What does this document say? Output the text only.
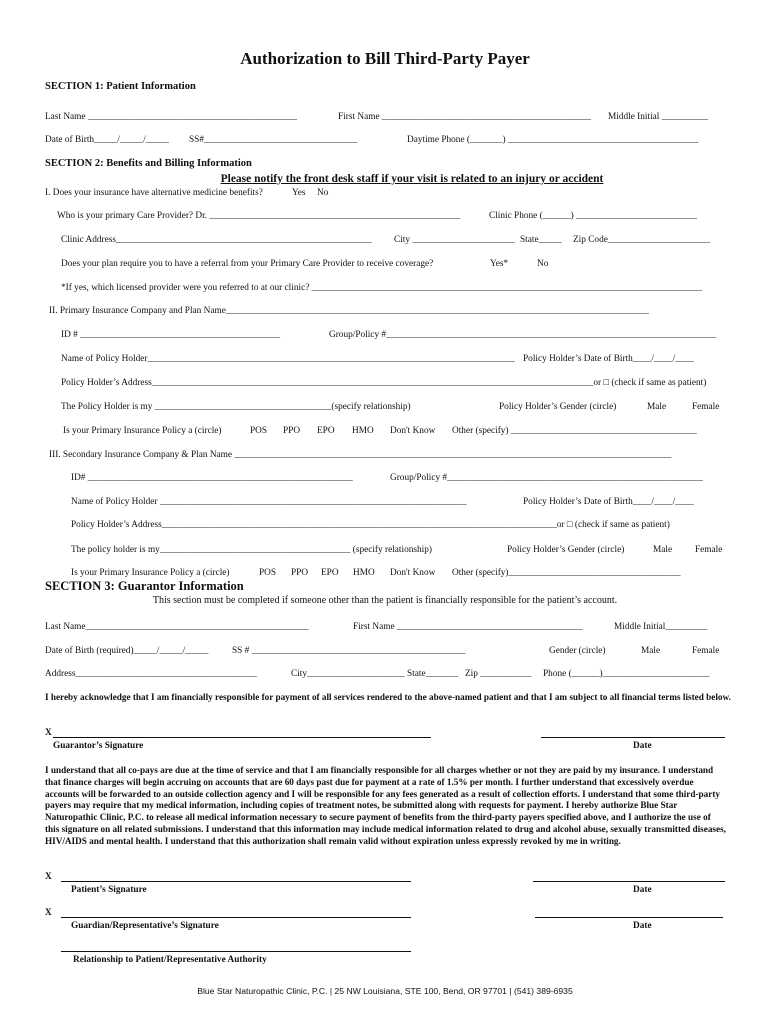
Authorization to Bill Third-Party Payer
SECTION 1: Patient Information
Last Name _____________________________________________	First Name _____________________________________________ Middle Initial __________
Date of Birth_____/_____/_____ SS#_________________________________	Daytime Phone (_______) _________________________________________
SECTION 2: Benefits and Billing Information
Please notify the front desk staff if your visit is related to an injury or accident
I. Does your insurance have alternative medicine benefits?	Yes No
Who is your primary Care Provider? Dr. ______________________________________________________	Clinic Phone (______) __________________________
Clinic Address_______________________________________________________ City ______________________ State_____ Zip Code______________________
Does your plan require you to have a referral from your Primary Care Provider to receive coverage?	Yes*	No
*If yes, which licensed provider were you referred to at our clinic? ____________________________________________________________________________________
II. Primary Insurance Company and Plan Name___________________________________________________________________________________________
ID # ___________________________________________	Group/Policy #_______________________________________________________________________
Name of Policy Holder_______________________________________________________________________________ Policy Holder’s Date of Birth____/____/____
Policy Holder’s Address_______________________________________________________________________________________________or □ (check if same as patient)
The Policy Holder is my ______________________________________(specify relationship)	Policy Holder’s Gender (circle)	Male	Female
Is your Primary Insurance Policy a (circle)	POS PPO EPO HMO Don't Know Other (specify) ________________________________________
III. Secondary Insurance Company & Plan Name ______________________________________________________________________________________________
ID# _________________________________________________________	Group/Policy #_______________________________________________________
Name of Policy Holder __________________________________________________________________	Policy Holder’s Date of Birth____/____/____
Policy Holder’s Address_____________________________________________________________________________________or □ (check if same as patient)
The policy holder is my_________________________________________ (specify relationship)	Policy Holder’s Gender (circle)	Male Female
Is your Primary Insurance Policy a (circle)	POS PPO EPO HMO Don't Know Other (specify)_____________________________________
SECTION 3: Guarantor Information
This section must be completed if someone other than the patient is financially responsible for the patient’s account.
Last Name________________________________________________	First Name ________________________________________	Middle Initial_________
Date of Birth (required)_____/_____/_____	SS # ______________________________________________	Gender (circle)	Male	Female
Address_______________________________________	City_____________________ State_______ Zip ___________ Phone (______)_______________________
I hereby acknowledge that I am financially responsible for payment of all services rendered to the above-named patient and that I am subject to all financial terms listed below.
X
Guarantor’s Signature	Date
I understand that all co-pays are due at the time of service and that I am financially responsible for all charges whether or not they are paid by my insurance. I understand that finance charges will begin accruing on accounts that are 60 days past due for payment at a rate of 1.5% per month. I further understand that excessively overdue accounts will be forwarded to an outside collection agency and I will be responsible for any fees generated as a result of collection efforts. I understand that some third-party payers may require that my medical information, including copies of treatment notes, be submitted along with requests for payment. I hereby authorize Blue Star Naturopathic Clinic, P.C. to release all medical information necessary to secure payment of benefits from the third-party payers specified above, and I authorize the use of this signature on all related submissions. I understand that this information may include medical information related to drug and alcohol abuse, sexually transmitted diseases, HIV/AIDS and mental health. I understand that this authorization shall remain valid without expiration unless expressly revoked by me in writing.
X
Patient’s Signature	Date
X
Guardian/Representative’s Signature	Date
Relationship to Patient/Representative Authority
Blue Star Naturopathic Clinic, P.C. | 25 NW Louisiana, STE 100, Bend, OR 97701 | (541) 389-6935
